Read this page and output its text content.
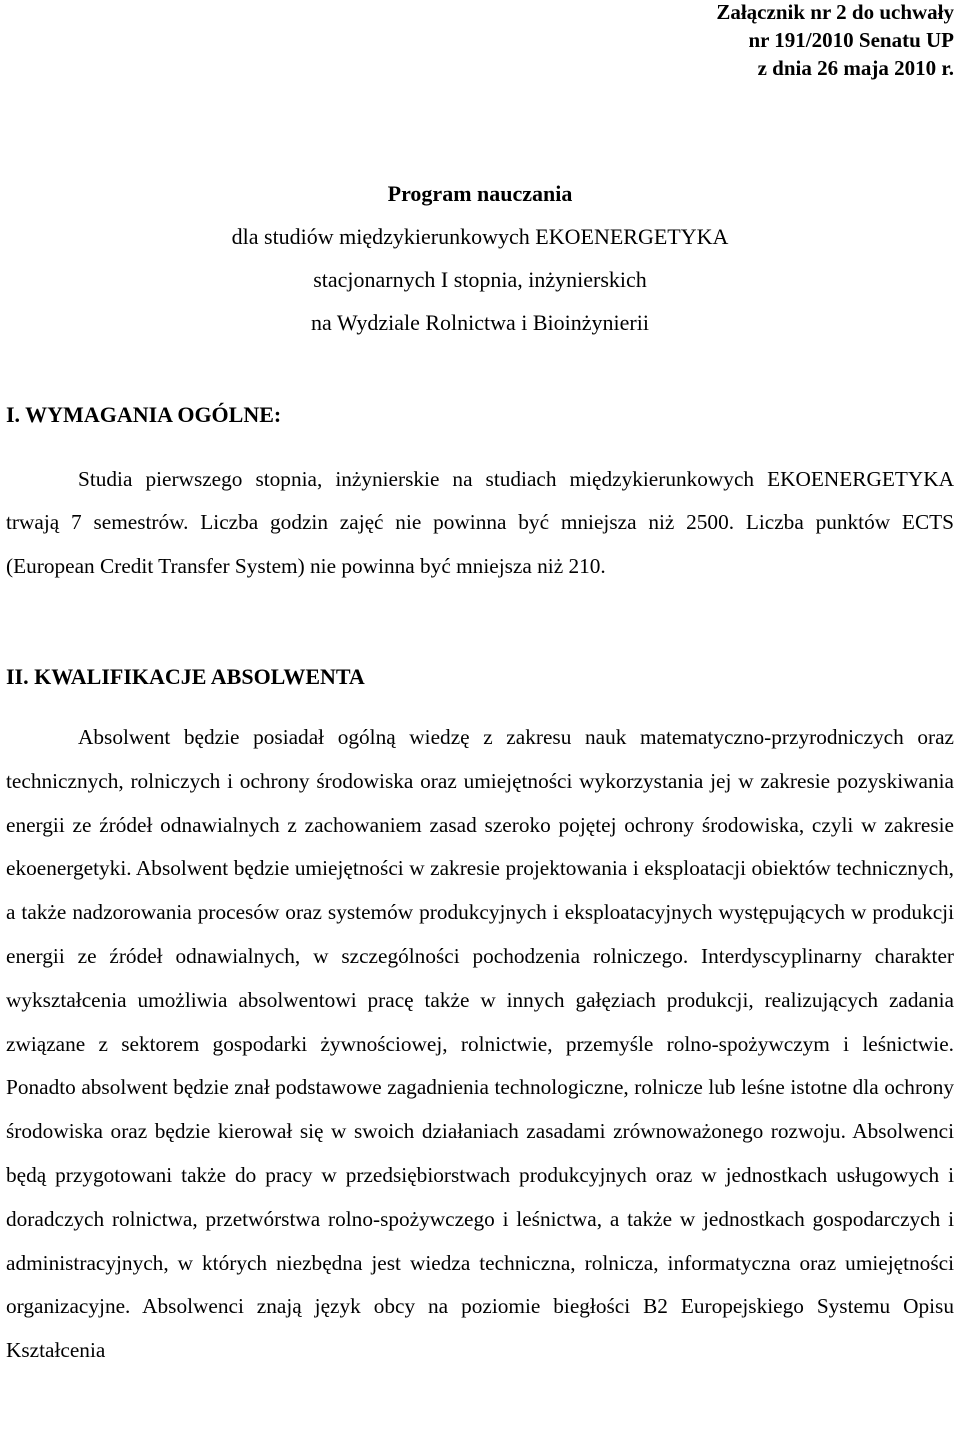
Załącznik nr 2 do uchwały
nr 191/2010 Senatu UP
z dnia 26 maja 2010 r.
Program nauczania
dla studiów międzykierunkowych EKOENERGETYKA
stacjonarnych I stopnia, inżynierskich
na Wydziale Rolnictwa i Bioinżynierii
I. WYMAGANIA OGÓLNE:
Studia pierwszego stopnia, inżynierskie na studiach międzykierunkowych EKOENERGETYKA trwają 7 semestrów. Liczba godzin zajęć nie powinna być mniejsza niż 2500. Liczba punktów ECTS (European Credit Transfer System) nie powinna być mniejsza niż 210.
II. KWALIFIKACJE ABSOLWENTA
Absolwent będzie posiadał ogólną wiedzę z zakresu nauk matematyczno-przyrodniczych oraz technicznych, rolniczych i ochrony środowiska oraz umiejętności wykorzystania jej w zakresie pozyskiwania energii ze źródeł odnawialnych z zachowaniem zasad szeroko pojętej ochrony środowiska, czyli w zakresie ekoenergetyki. Absolwent będzie umiejętności w zakresie projektowania i eksploatacji obiektów technicznych, a także nadzorowania procesów oraz systemów produkcyjnych i eksploatacyjnych występujących w produkcji energii ze źródeł odnawialnych, w szczególności pochodzenia rolniczego. Interdyscyplinarny charakter wykształcenia umożliwia absolwentowi pracę także w innych gałęziach produkcji, realizujących zadania związane z sektorem gospodarki żywnościowej, rolnictwie, przemyśle rolno-spożywczym i leśnictwie. Ponadto absolwent będzie znał podstawowe zagadnienia technologiczne, rolnicze lub leśne istotne dla ochrony środowiska oraz będzie kierował się w swoich działaniach zasadami zrównoważonego rozwoju. Absolwenci będą przygotowani także do pracy w przedsiębiorstwach produkcyjnych oraz w jednostkach usługowych i doradczych rolnictwa, przetwórstwa rolno-spożywczego i leśnictwa, a także w jednostkach gospodarczych i administracyjnych, w których niezbędna jest wiedza techniczna, rolnicza, informatyczna oraz umiejętności organizacyjne. Absolwenci znają język obcy na poziomie biegłości B2 Europejskiego Systemu Opisu Kształcenia
